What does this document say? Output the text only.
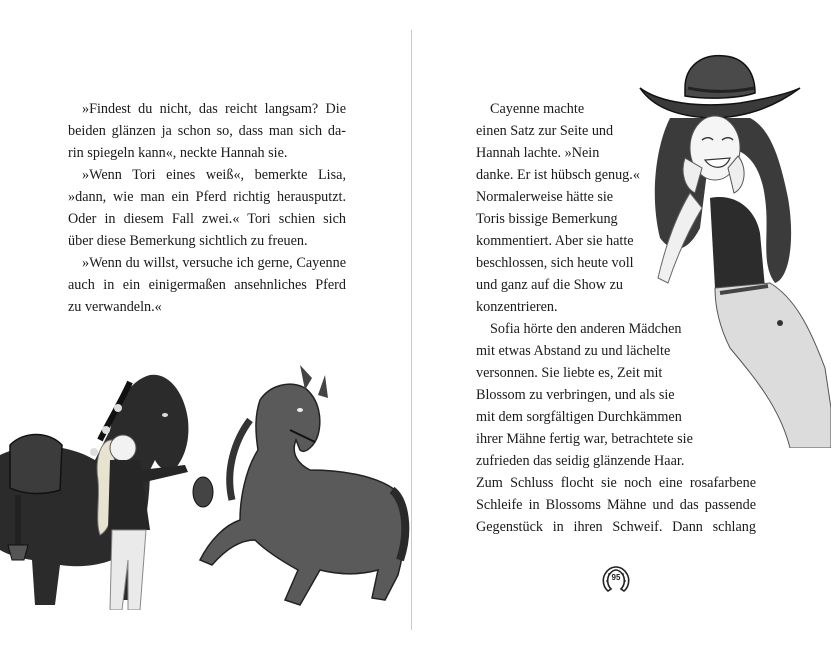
»Findest du nicht, das reicht langsam? Die
beiden glänzen ja schon so, dass man sich da-
rin spiegeln kann«, neckte Hannah sie.
»Wenn Tori eines weiß«, bemerkte Lisa,
»dann, wie man ein Pferd richtig herausputzt.
Oder in diesem Fall zwei.« Tori schien sich
über diese Bemerkung sichtlich zu freuen.
»Wenn du willst, versuche ich gerne, Cayenne
auch in ein einigermaßen ansehnliches Pferd
zu verwandeln.«
Cayenne machte
einen Satz zur Seite und
Hannah lachte. »Nein
danke. Er ist hübsch genug.«
Normalerweise hätte sie
Toris bissige Bemerkung
kommentiert. Aber sie hatte
beschlossen, sich heute voll
und ganz auf die Show zu
konzentrieren.
Sofia hörte den anderen Mädchen
mit etwas Abstand zu und lächelte
versonnen. Sie liebte es, Zeit mit
Blossom zu verbringen, und als sie
mit dem sorgfältigen Durchkämmen
ihrer Mähne fertig war, betrachtete sie
zufrieden das seidig glänzende Haar.
Zum Schluss flocht sie noch eine rosafarbene
Schleife in Blossoms Mähne und das passende
Gegenstück in ihren Schweif. Dann schlang
95
